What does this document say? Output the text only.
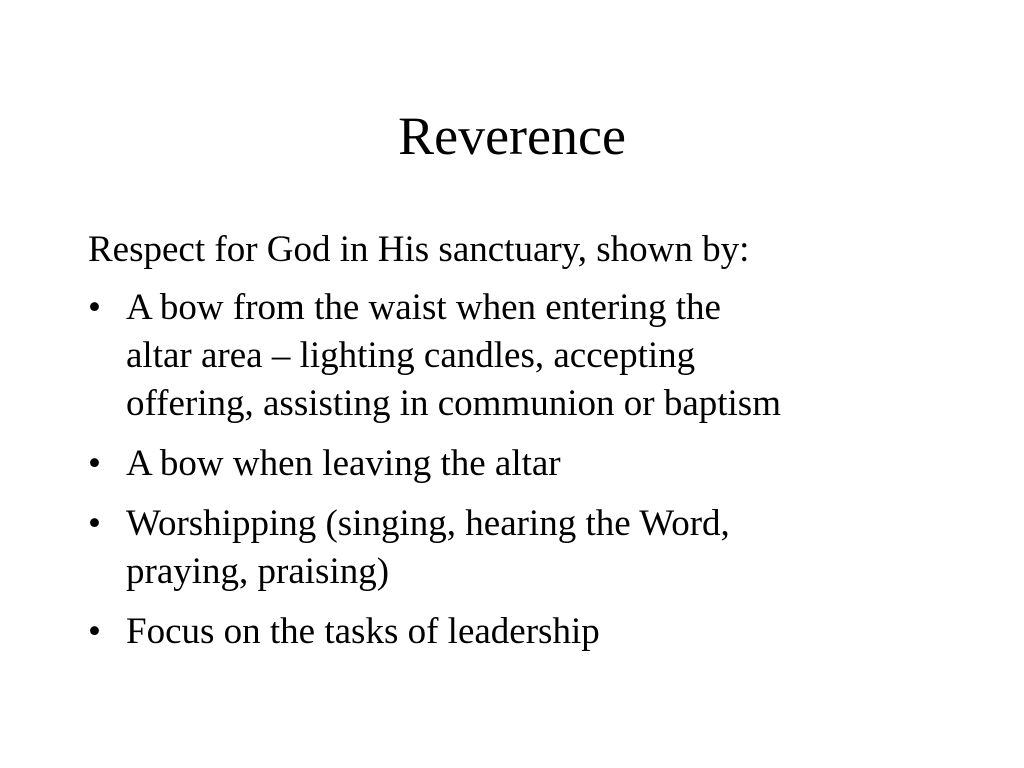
Reverence

Respect for God in His sanctuary, shown by:

• A bow from the waist when entering the
altar area – lighting candles, accepting
offering, assisting in communion or baptism
• A bow when leaving the altar
• Worshipping (singing, hearing the Word,
praying, praising)
• Focus on the tasks of leadership
